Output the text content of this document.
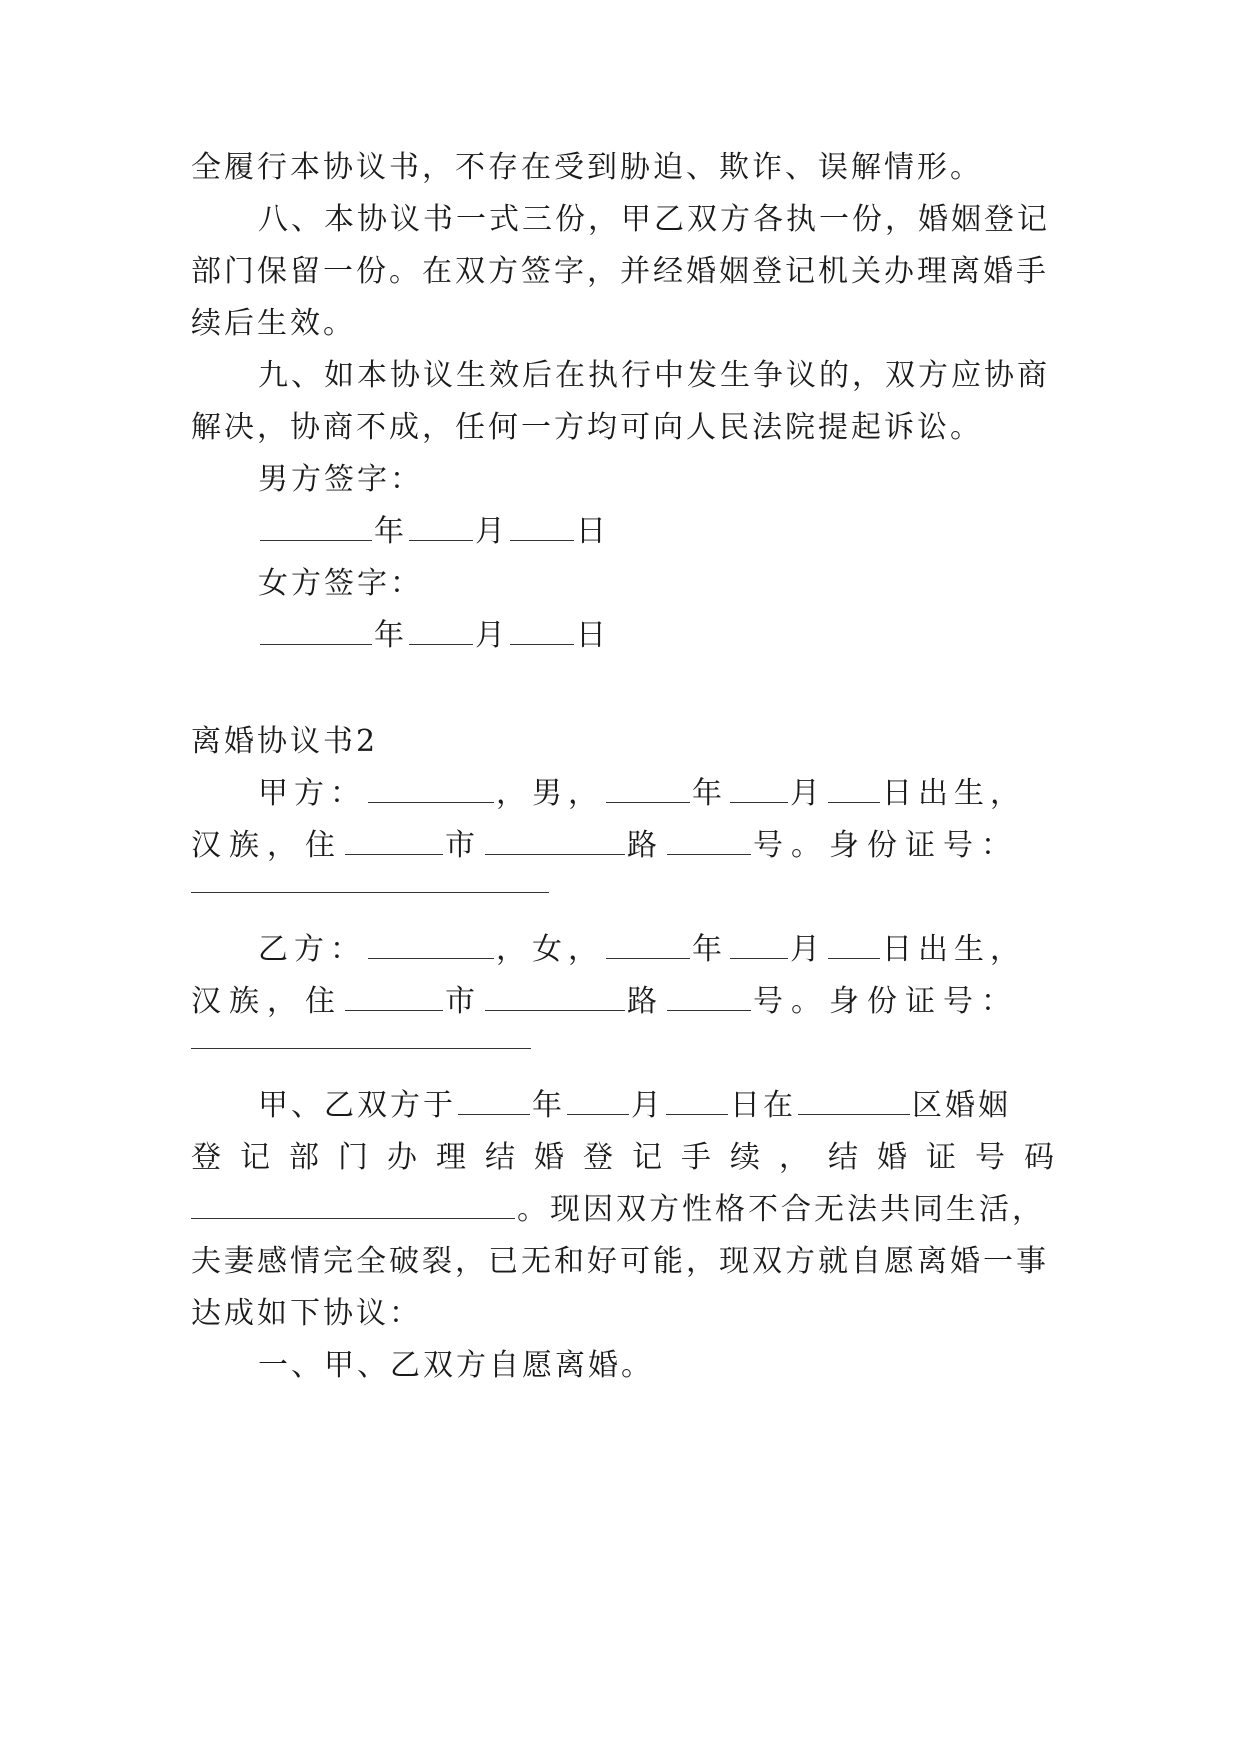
全履行本协议书，不存在受到胁迫、欺诈、误解情形。
八、本协议书一式三份，甲乙双方各执一份，婚姻登记
部门保留一份。在双方签字，并经婚姻登记机关办理离婚手
续后生效。
九、如本协议生效后在执行中发生争议的，双方应协商
解决，协商不成，任何一方均可向人民法院提起诉讼。
男方签字：
年 月 日
女方签字：
年 月 日
离婚协议书2
甲方：	，男，	年 月 日出生，
汉族，住	市	路	号。身份证号：
乙方：	，女，	年 月 日出生，
汉族，住	市	路	号。身份证号：
甲、乙双方于	年 月 日在	区婚姻
登记部门办理结婚登记手续，结婚证号码
。现因双方性格不合无法共同生活，
夫妻感情完全破裂，已无和好可能，现双方就自愿离婚一事
达成如下协议：
一、甲、乙双方自愿离婚。
